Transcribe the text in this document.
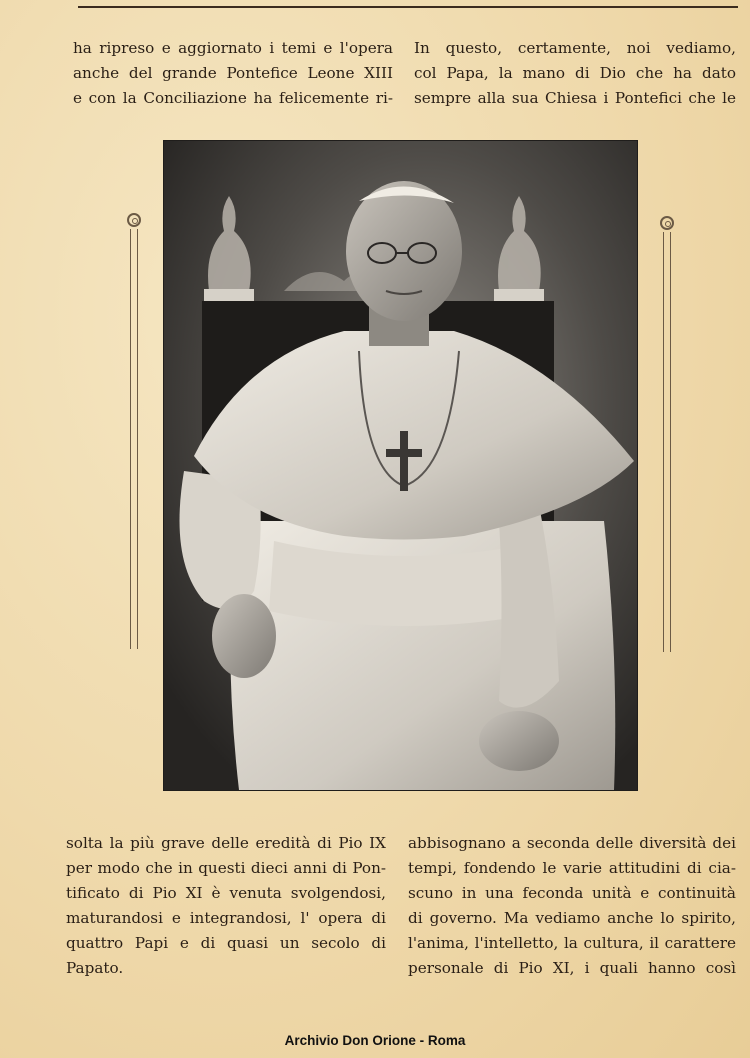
ha ripreso e aggiornato i temi e l'opera
anche del grande Pontefice Leone XIII
e con la Conciliazione ha felicemente ri-
In questo, certamente, noi vediamo,
col Papa, la mano di Dio che ha dato
sempre alla sua Chiesa i Pontefici che le
solta la più grave delle eredità di Pio IX
per modo che in questi dieci anni di Pon-
tificato di Pio XI è venuta svolgendosi,
maturandosi e integrandosi, l' opera di
quattro Papi e di quasi un secolo di
Papato.
abbisognano a seconda delle diversità dei
tempi, fondendo le varie attitudini di cia-
scuno in una feconda unità e continuità
di governo. Ma vediamo anche lo spirito,
l'anima, l'intelletto, la cultura, il carattere
personale di Pio XI, i quali hanno così
Archivio Don Orione - Roma
